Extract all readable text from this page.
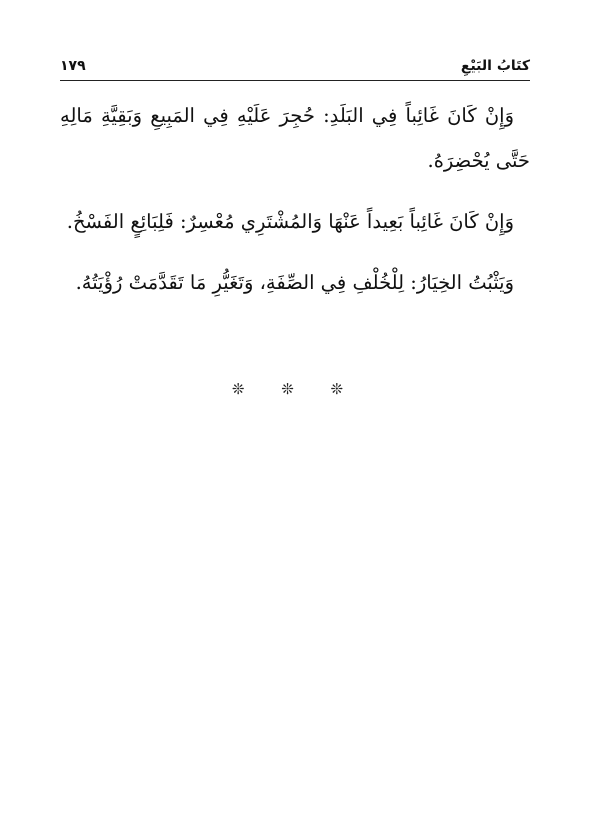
كتَابُ البَيْعِ
١٧٩

وَإِنْ كَانَ غَائِباً فِي البَلَدِ: حُجِرَ عَلَيْهِ فِي المَبِيعِ وَبَقِيَّةِ مَالِهِ حَتَّى يُحْضِرَهُ.

وَإِنْ كَانَ غَائِباً بَعِيداً عَنْهَا وَالمُشْتَرِي مُعْسِرٌ: فَلِبَائِعٍ الفَسْخُ.

وَيَثْبُتُ الخِيَارُ: لِلْخُلْفِ فِي الصِّفَةِ، وَتَغَيُّرِ مَا تَقَدَّمَتْ رُؤْيَتُهُ.

❊ ❊ ❊
